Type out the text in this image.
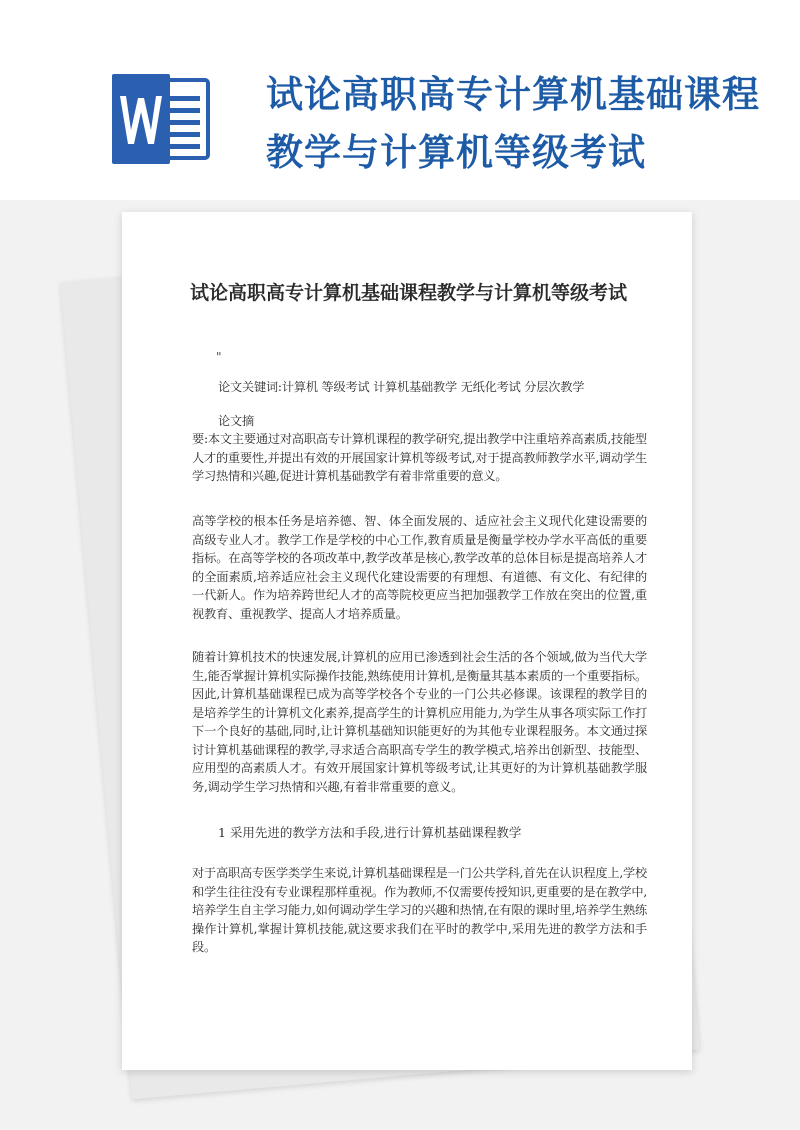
试论高职高专计算机基础课程教学与计算机等级考试
试论高职高专计算机基础课程教学与计算机等级考试
"
论文关键词:计算机 等级考试 计算机基础教学 无纸化考试 分层次教学
论文摘
要:本文主要通过对高职高专计算机课程的教学研究,提出教学中注重培养高素质,技能型人才的重要性,并提出有效的开展国家计算机等级考试,对于提高教师教学水平,调动学生学习热情和兴趣,促进计算机基础教学有着非常重要的意义。
高等学校的根本任务是培养德、智、体全面发展的、适应社会主义现代化建设需要的高级专业人才。教学工作是学校的中心工作,教育质量是衡量学校办学水平高低的重要指标。在高等学校的各项改革中,教学改革是核心,教学改革的总体目标是提高培养人才的全面素质,培养适应社会主义现代化建设需要的有理想、有道德、有文化、有纪律的一代新人。作为培养跨世纪人才的高等院校更应当把加强教学工作放在突出的位置,重视教育、重视教学、提高人才培养质量。
随着计算机技术的快速发展,计算机的应用已渗透到社会生活的各个领域,做为当代大学生,能否掌握计算机实际操作技能,熟练使用计算机,是衡量其基本素质的一个重要指标。因此,计算机基础课程已成为高等学校各个专业的一门公共必修课。该课程的教学目的是培养学生的计算机文化素养,提高学生的计算机应用能力,为学生从事各项实际工作打下一个良好的基础,同时,让计算机基础知识能更好的为其他专业课程服务。本文通过探讨计算机基础课程的教学,寻求适合高职高专学生的教学模式,培养出创新型、技能型、应用型的高素质人才。有效开展国家计算机等级考试,让其更好的为计算机基础教学服务,调动学生学习热情和兴趣,有着非常重要的意义。
1 采用先进的教学方法和手段,进行计算机基础课程教学
对于高职高专医学类学生来说,计算机基础课程是一门公共学科,首先在认识程度上,学校和学生往往没有专业课程那样重视。作为教师,不仅需要传授知识,更重要的是在教学中,培养学生自主学习能力,如何调动学生学习的兴趣和热情,在有限的课时里,培养学生熟练操作计算机,掌握计算机技能,就这要求我们在平时的教学中,采用先进的教学方法和手段。
